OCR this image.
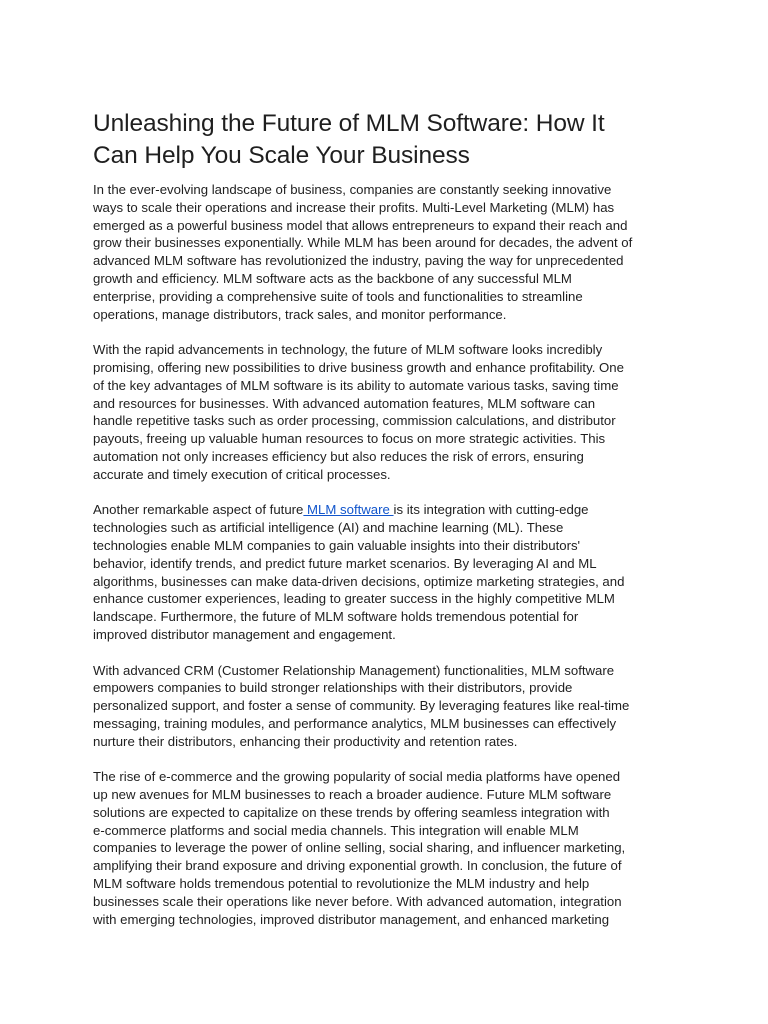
Unleashing the Future of MLM Software: How It
Can Help You Scale Your Business

In the ever-evolving landscape of business, companies are constantly seeking innovative
ways to scale their operations and increase their profits. Multi-Level Marketing (MLM) has
emerged as a powerful business model that allows entrepreneurs to expand their reach and
grow their businesses exponentially. While MLM has been around for decades, the advent of
advanced MLM software has revolutionized the industry, paving the way for unprecedented
growth and efficiency. MLM software acts as the backbone of any successful MLM
enterprise, providing a comprehensive suite of tools and functionalities to streamline
operations, manage distributors, track sales, and monitor performance.

With the rapid advancements in technology, the future of MLM software looks incredibly
promising, offering new possibilities to drive business growth and enhance profitability. One
of the key advantages of MLM software is its ability to automate various tasks, saving time
and resources for businesses. With advanced automation features, MLM software can
handle repetitive tasks such as order processing, commission calculations, and distributor
payouts, freeing up valuable human resources to focus on more strategic activities. This
automation not only increases efficiency but also reduces the risk of errors, ensuring
accurate and timely execution of critical processes.

Another remarkable aspect of future MLM software is its integration with cutting-edge
technologies such as artificial intelligence (AI) and machine learning (ML). These
technologies enable MLM companies to gain valuable insights into their distributors'
behavior, identify trends, and predict future market scenarios. By leveraging AI and ML
algorithms, businesses can make data-driven decisions, optimize marketing strategies, and
enhance customer experiences, leading to greater success in the highly competitive MLM
landscape. Furthermore, the future of MLM software holds tremendous potential for
improved distributor management and engagement.

With advanced CRM (Customer Relationship Management) functionalities, MLM software
empowers companies to build stronger relationships with their distributors, provide
personalized support, and foster a sense of community. By leveraging features like real-time
messaging, training modules, and performance analytics, MLM businesses can effectively
nurture their distributors, enhancing their productivity and retention rates.

The rise of e-commerce and the growing popularity of social media platforms have opened
up new avenues for MLM businesses to reach a broader audience. Future MLM software
solutions are expected to capitalize on these trends by offering seamless integration with
e-commerce platforms and social media channels. This integration will enable MLM
companies to leverage the power of online selling, social sharing, and influencer marketing,
amplifying their brand exposure and driving exponential growth. In conclusion, the future of
MLM software holds tremendous potential to revolutionize the MLM industry and help
businesses scale their operations like never before. With advanced automation, integration
with emerging technologies, improved distributor management, and enhanced marketing
